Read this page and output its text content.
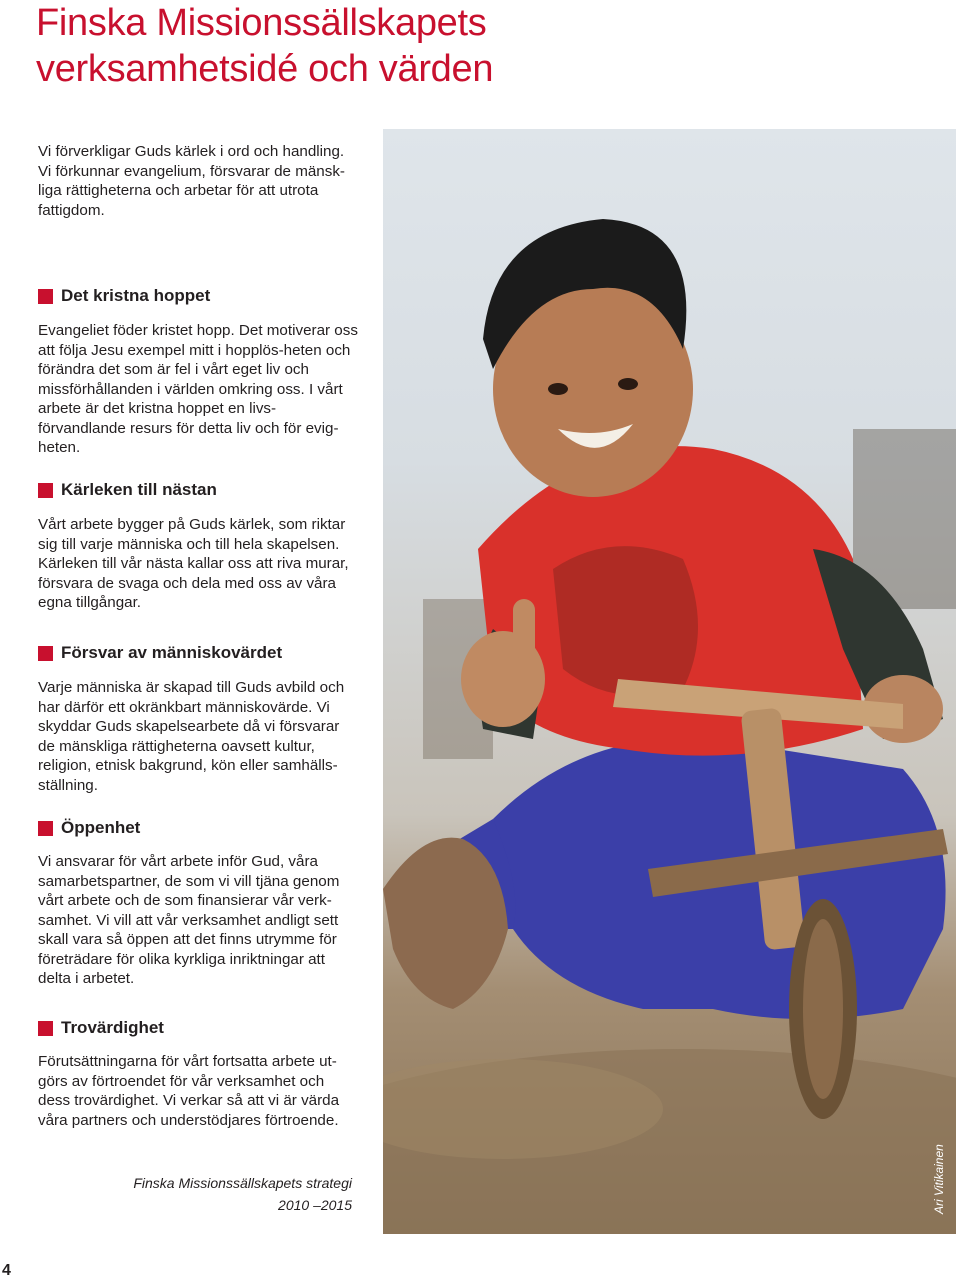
Finska Missionssällskapets
verksamhetsidé och värden

Vi förverkligar Guds kärlek i ord och handling. Vi förkunnar evangelium, försvarar de mänsk-liga rättigheterna och arbetar för att utrota fattigdom.

Det kristna hoppet

Evangeliet föder kristet hopp. Det motiverar oss att följa Jesu exempel mitt i hopplös-heten och förändra det som är fel i vårt eget liv och missförhållanden i världen omkring oss. I vårt arbete är det kristna hoppet en livs-förvandlande resurs för detta liv och för evig-heten.

Kärleken till nästan

Vårt arbete bygger på Guds kärlek, som riktar sig till varje människa och till hela skapelsen. Kärleken till vår nästa kallar oss att riva murar, försvara de svaga och dela med oss av våra egna tillgångar.

Försvar av människovärdet

Varje människa är skapad till Guds avbild och har därför ett okränkbart människovärde. Vi skyddar Guds skapelsearbete då vi försvarar de mänskliga rättigheterna oavsett kultur, religion, etnisk bakgrund, kön eller samhälls-ställning.

Öppenhet

Vi ansvarar för vårt arbete inför Gud, våra samarbetspartner, de som vi vill tjäna genom vårt arbete och de som finansierar vår verk-samhet. Vi vill att vår verksamhet andligt sett skall vara så öppen att det finns utrymme för företrädare för olika kyrkliga inriktningar att delta i arbetet.

Trovärdighet

Förutsättningarna för vårt fortsatta arbete ut-görs av förtroendet för vår verksamhet och dess trovärdighet. Vi verkar så att vi är värda våra partners och understödjares förtroende.

Finska Missionssällskapets strategi
2010 –2015
4
Ari Vitikainen
